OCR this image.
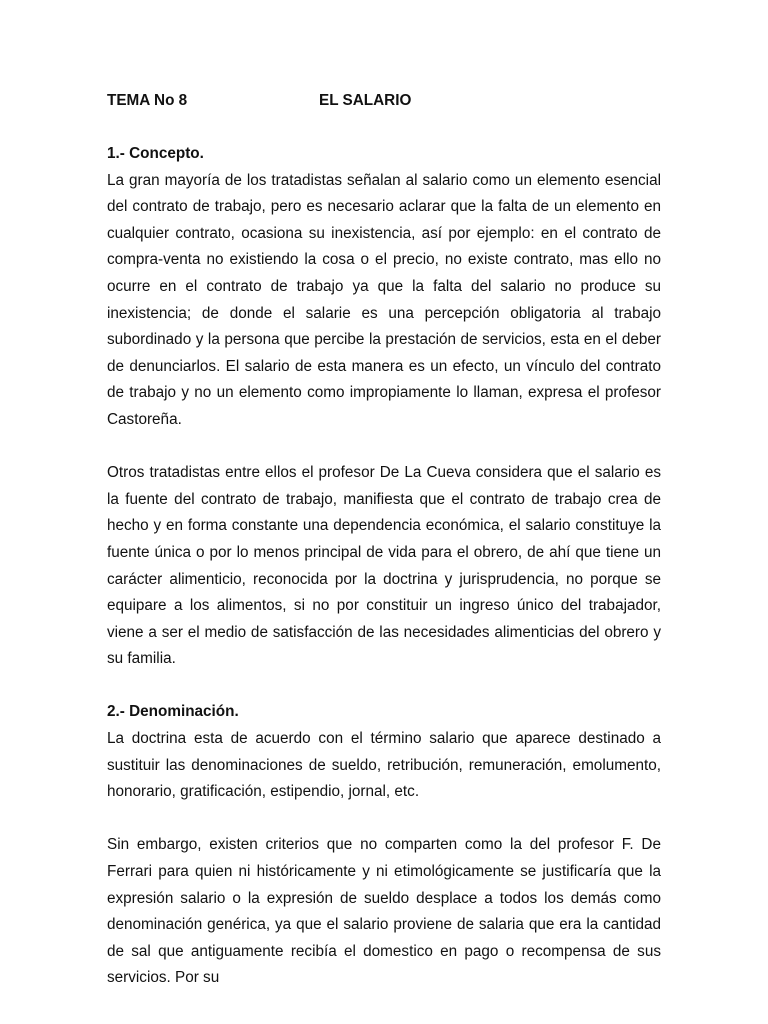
TEMA No 8	EL SALARIO

1.- Concepto.

La gran mayoría de los tratadistas señalan al salario como un elemento esencial del contrato de trabajo, pero es necesario aclarar que la falta de un elemento en cualquier contrato, ocasiona su inexistencia, así por ejemplo: en el contrato de compra-venta no existiendo la cosa o el precio, no existe contrato, mas ello no ocurre en el contrato de trabajo ya que la falta del salario no produce su inexistencia; de donde el salarie es una percepción obligatoria al trabajo subordinado y la persona que percibe la prestación de servicios, esta en el deber de denunciarlos. El salario de esta manera es un efecto, un vínculo del contrato de trabajo y no un elemento como impropiamente lo llaman, expresa el profesor Castoreña.

Otros tratadistas entre ellos el profesor De La Cueva considera que el salario es la fuente del contrato de trabajo, manifiesta que el contrato de trabajo crea de hecho y en forma constante una dependencia económica, el salario constituye la fuente única o por lo menos principal de vida para el obrero, de ahí que tiene un carácter alimenticio, reconocida por la doctrina y jurisprudencia, no porque se equipare a los alimentos, si no por constituir un ingreso único del trabajador, viene a ser el medio de satisfacción de las necesidades alimenticias del obrero y su familia.

2.- Denominación.

La doctrina esta de acuerdo con el término salario que aparece destinado a sustituir las denominaciones de sueldo, retribución, remuneración, emolumento, honorario, gratificación, estipendio, jornal, etc.

Sin embargo, existen criterios que no comparten como la del profesor F. De Ferrari para quien ni históricamente y ni etimológicamente se justificaría que la expresión salario o la expresión de sueldo desplace a todos los demás como denominación genérica, ya que el salario proviene de salaria que era la cantidad de sal que antiguamente recibía el domestico en pago o recompensa de sus servicios. Por su
